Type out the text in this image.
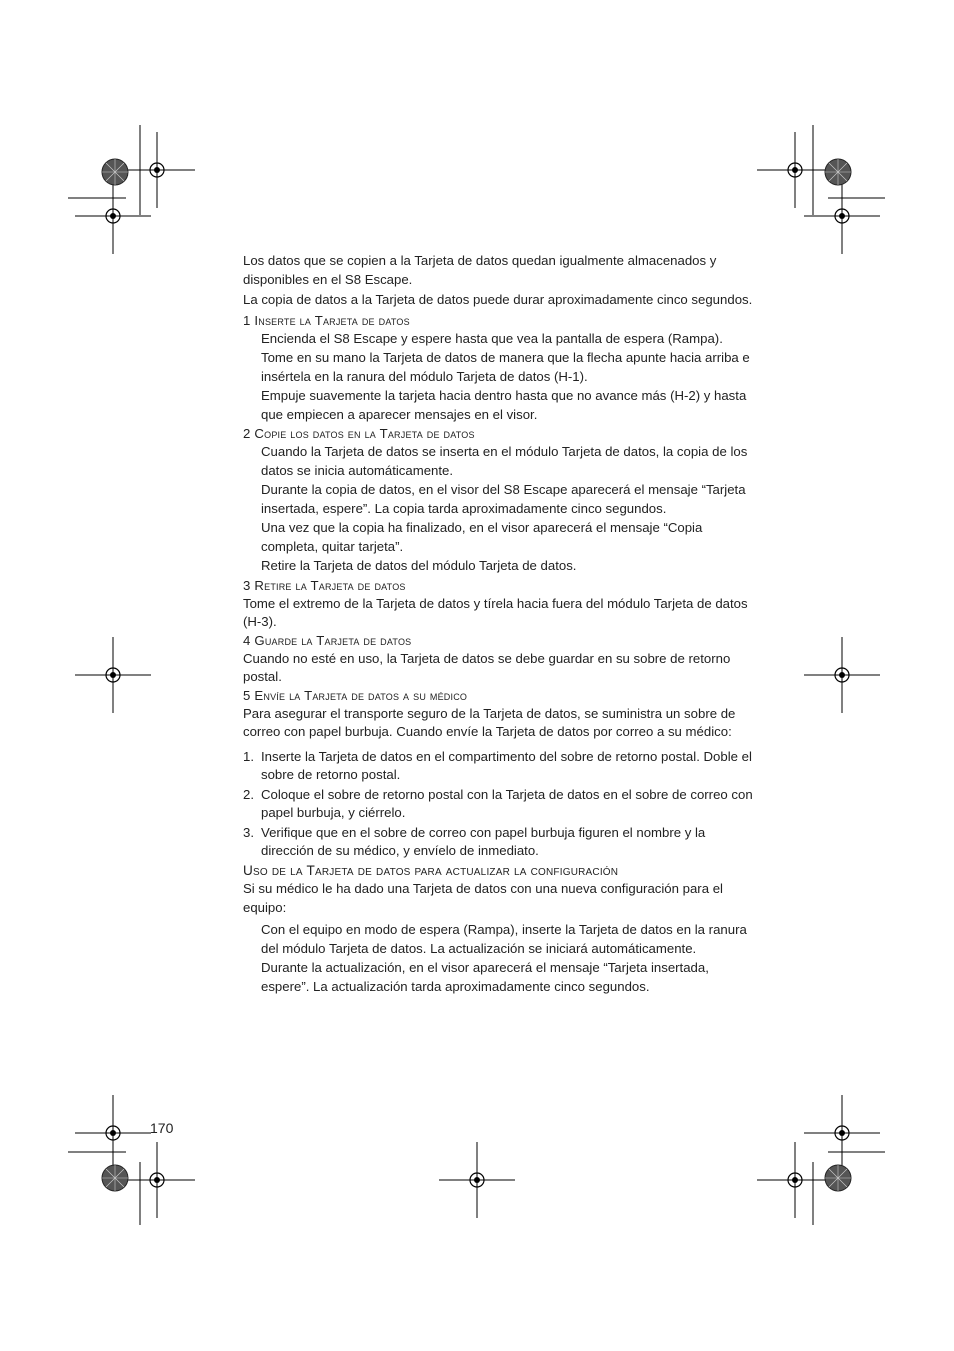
Los datos que se copien a la Tarjeta de datos quedan igualmente almacenados y disponibles en el S8 Escape.

La copia de datos a la Tarjeta de datos puede durar aproximadamente cinco segundos.

1 Inserte la Tarjeta de datos

Encienda el S8 Escape y espere hasta que vea la pantalla de espera (Rampa).

Tome en su mano la Tarjeta de datos de manera que la flecha apunte hacia arriba e insértela en la ranura del módulo Tarjeta de datos (H-1).

Empuje suavemente la tarjeta hacia dentro hasta que no avance más (H-2) y hasta que empiecen a aparecer mensajes en el visor.

2 Copie los datos en la Tarjeta de datos

Cuando la Tarjeta de datos se inserta en el módulo Tarjeta de datos, la copia de los datos se inicia automáticamente.

Durante la copia de datos, en el visor del S8 Escape aparecerá el mensaje “Tarjeta insertada, espere”. La copia tarda aproximadamente cinco segundos.

Una vez que la copia ha finalizado, en el visor aparecerá el mensaje “Copia completa, quitar tarjeta”.

Retire la Tarjeta de datos del módulo Tarjeta de datos.

3 Retire la Tarjeta de datos

Tome el extremo de la Tarjeta de datos y tírela hacia fuera del módulo Tarjeta de datos (H-3).

4 Guarde la Tarjeta de datos

Cuando no esté en uso, la Tarjeta de datos se debe guardar en su sobre de retorno postal.

5 Envíe la Tarjeta de datos a su médico

Para asegurar el transporte seguro de la Tarjeta de datos, se suministra un sobre de correo con papel burbuja. Cuando envíe la Tarjeta de datos por correo a su médico:

1. Inserte la Tarjeta de datos en el compartimento del sobre de retorno postal. Doble el sobre de retorno postal.
2. Coloque el sobre de retorno postal con la Tarjeta de datos en el sobre de correo con papel burbuja, y ciérrelo.
3. Verifique que en el sobre de correo con papel burbuja figuren el nombre y la dirección de su médico, y envíelo de inmediato.

Uso de la Tarjeta de datos para actualizar la configuración

Si su médico le ha dado una Tarjeta de datos con una nueva configuración para el equipo:

Con el equipo en modo de espera (Rampa), inserte la Tarjeta de datos en la ranura del módulo Tarjeta de datos. La actualización se iniciará automáticamente.

Durante la actualización, en el visor aparecerá el mensaje “Tarjeta insertada, espere”. La actualización tarda aproximadamente cinco segundos.

170
